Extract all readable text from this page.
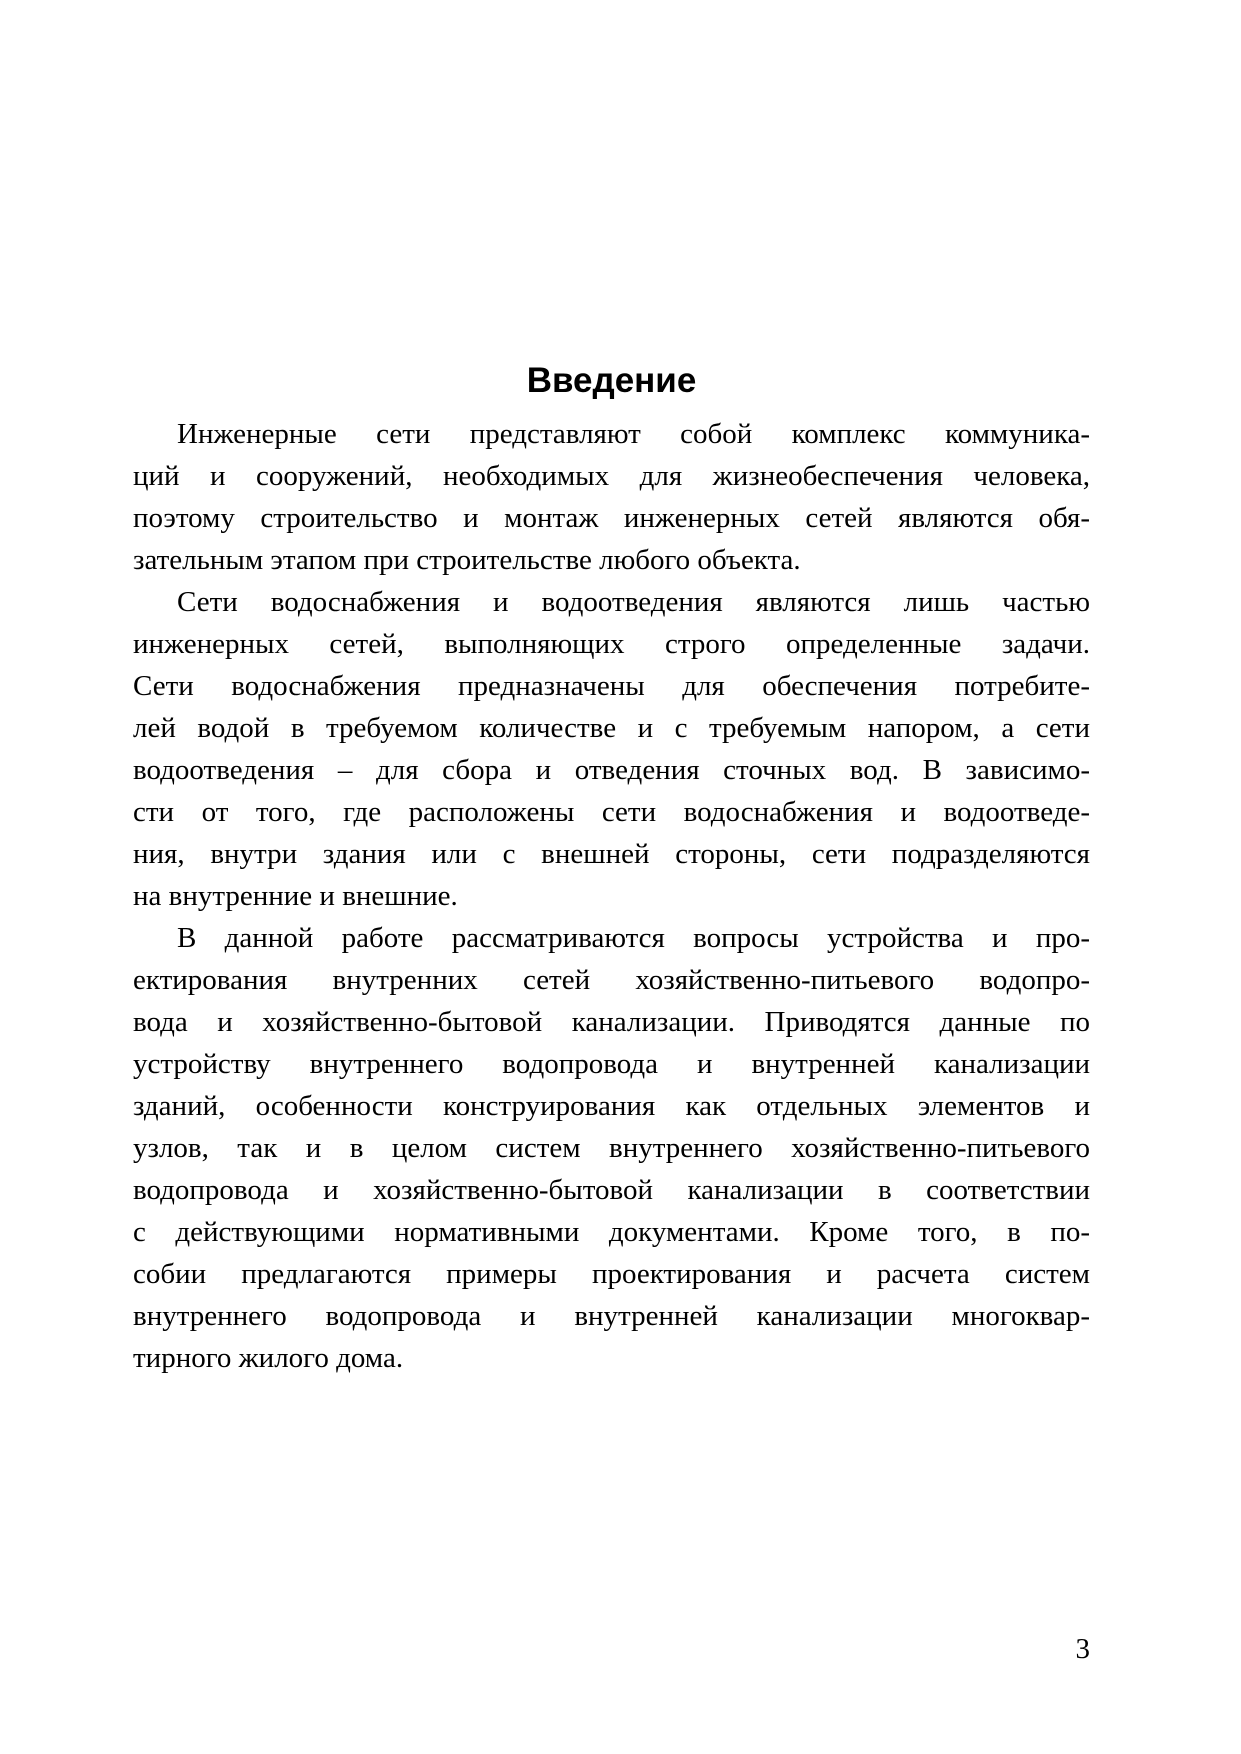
Введение

Инженерные сети представляют собой комплекс коммуника-
ций и сооружений, необходимых для жизнеобеспечения человека,
поэтому строительство и монтаж инженерных сетей являются обя-
зательным этапом при строительстве любого объекта.

Сети водоснабжения и водоотведения являются лишь частью
инженерных сетей, выполняющих строго определенные задачи.
Сети водоснабжения предназначены для обеспечения потребите-
лей водой в требуемом количестве и с требуемым напором, а сети
водоотведения – для сбора и отведения сточных вод. В зависимо-
сти от того, где расположены сети водоснабжения и водоотведе-
ния, внутри здания или с внешней стороны, сети подразделяются
на внутренние и внешние.

В данной работе рассматриваются вопросы устройства и про-
ектирования внутренних сетей хозяйственно-питьевого водопро-
вода и хозяйственно-бытовой канализации. Приводятся данные по
устройству внутреннего водопровода и внутренней канализации
зданий, особенности конструирования как отдельных элементов и
узлов, так и в целом систем внутреннего хозяйственно-питьевого
водопровода и хозяйственно-бытовой канализации в соответствии
с действующими нормативными документами. Кроме того, в по-
собии предлагаются примеры проектирования и расчета систем
внутреннего водопровода и внутренней канализации многоквар-
тирного жилого дома.

3
